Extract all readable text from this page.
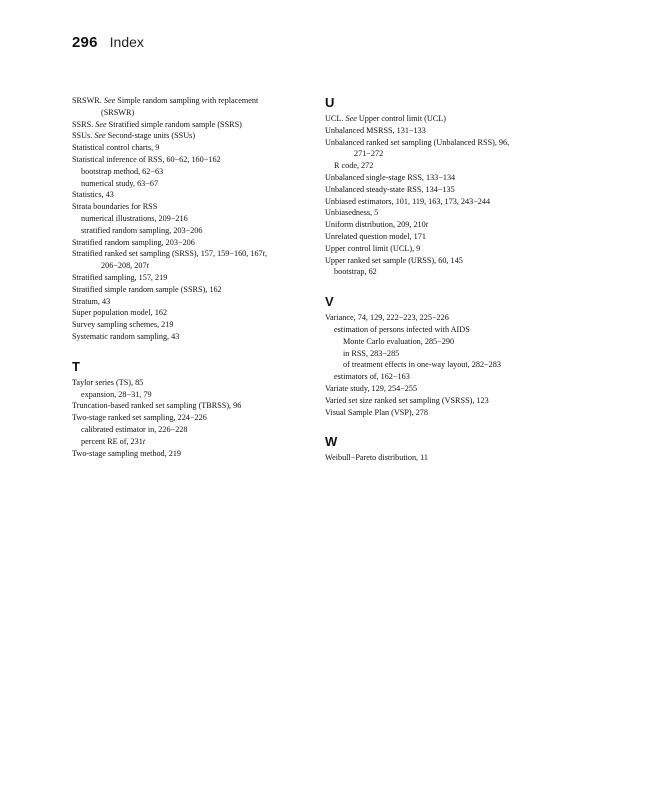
296 Index
SRSWR. See Simple random sampling with replacement
(SRSWR)
SSRS. See Stratified simple random sample (SSRS)
SSUs. See Second-stage units (SSUs)
Statistical control charts, 9
Statistical inference of RSS, 60−62, 160−162
bootstrap method, 62−63
numerical study, 63−67
Statistics, 43
Strata boundaries for RSS
numerical illustrations, 209−216
stratified random sampling, 203−206
Stratified random sampling, 203−206
Stratified ranked set sampling (SRSS), 157, 159−160, 167t,
206−208, 207t
Stratified sampling, 157, 219
Stratified simple random sample (SSRS), 162
Stratum, 43
Super population model, 162
Survey sampling schemes, 219
Systematic random sampling, 43
T
Taylor series (TS), 85
expansion, 28−31, 79
Truncation-based ranked set sampling (TBRSS), 96
Two-stage ranked set sampling, 224−226
calibrated estimator in, 226−228
percent RE of, 231t
Two-stage sampling method, 219
U
UCL. See Upper control limit (UCL)
Unbalanced MSRSS, 131−133
Unbalanced ranked set sampling (Unbalanced RSS), 96,
271−272
R code, 272
Unbalanced single-stage RSS, 133−134
Unbalanced steady-state RSS, 134−135
Unbiased estimators, 101, 119, 163, 173, 243−244
Unbiasedness, 5
Uniform distribution, 209, 210t
Unrelated question model, 171
Upper control limit (UCL), 9
Upper ranked set sample (URSS), 60, 145
bootstrap, 62
V
Variance, 74, 129, 222−223, 225−226
estimation of persons infected with AIDS
Monte Carlo evaluation, 285−290
in RSS, 283−285
of treatment effects in one-way layout, 282−283
estimators of, 162−163
Variate study, 129, 254−255
Varied set size ranked set sampling (VSRSS), 123
Visual Sample Plan (VSP), 278
W
Weibull−Pareto distribution, 11
